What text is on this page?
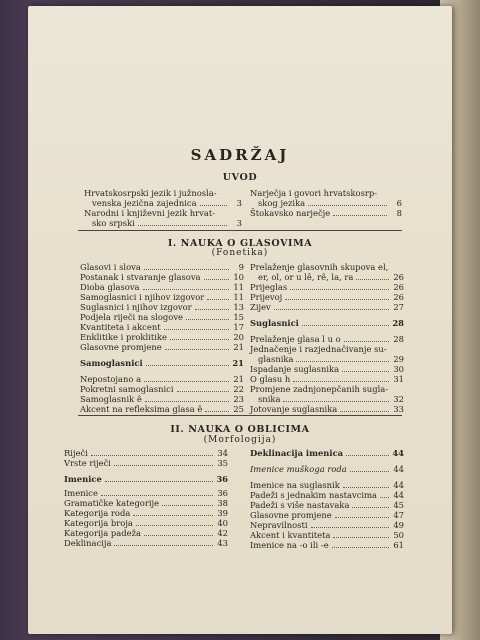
SADRŽAJ
UVOD
I. NAUKA O GLASOVIMA
(Fonetika)
II. NAUKA O OBLICIMA
(Morfologija)
Hrvatskosrpski jezik i južnosla-
venska jezična zajednica	3
Narodni i književni jezik hrvat-
sko srpski	3
Narječja i govori hrvatskosrp-
skog jezika	6
Štokavsko narječje	8
Glasovi i slova	9
Postanak i stvaranje glasova	10
Dioba glasova	11
Samoglasnici i njihov izgovor	11
Suglasnici i njihov izgovor	13
Podjela riječi na slogove	15
Kvantiteta i akcent	17
Enklitike i proklitike	20
Glasovne promjene	21
Samoglasnici	21
Nepostojano a	21
Pokretni samoglasnici	22
Samoglasnik ê	23
Akcent na refleksima glasa ê	25
Prelaženje glasovnih skupova el,
er, ol, or u lê, rê, la, ra	26
Prijeglas	26
Prijevoj	26
Zijev	27
Suglasnici	28
Prelaženje glasa l u o	28
Jednačenje i razjednačivanje su-
glasnika	29
Ispadanje suglasnika	30
O glasu h	31
Promjene zadnjonepčanih sugla-
snika	32
Jotovanje suglasnika	33
Riječi	34
Vrste riječi	35
Imenice	36
Imenice	36
Gramatičke kategorije	38
Kategorija roda	39
Kategorija broja	40
Kategorija padeža	42
Deklinacija	43
Deklinacija imenica	44
Imenice muškoga roda	44
Imenice na suglasnik	44
Padeži s jednakim nastavcima 44
Padeži s više nastavaka	45
Glasovne promjene	47
Nepravilnosti	49
Akcent i kvantiteta	50
Imenice na -o ili -e	61
